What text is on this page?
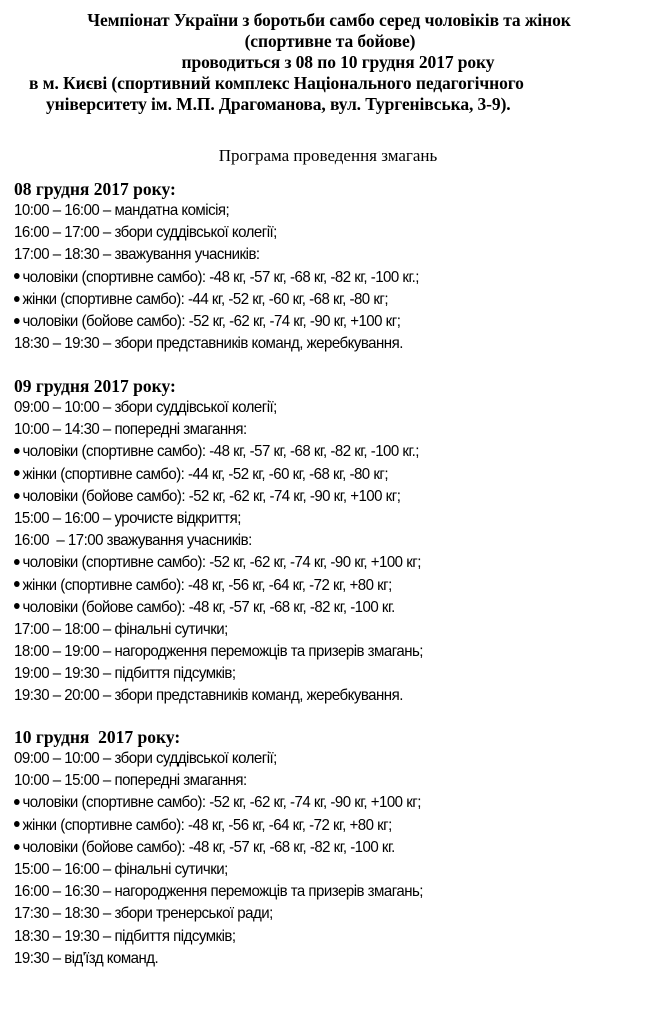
Чемпіонат України з боротьби самбо серед чоловіків та жінок
(спортивне та бойове)
проводиться з 08 по 10 грудня 2017 року
в м. Києві (спортивний комплекс Національного педагогічного
університету ім. М.П. Драгоманова, вул. Тургенівська, 3-9).
Програма проведення змагань
08 грудня 2017 року:
10:00 – 16:00 – мандатна комісія;
16:00 – 17:00 – збори суддівської колегії;
17:00 – 18:30 – зважування учасників:
чоловіки (спортивне самбо): -48 кг, -57 кг, -68 кг, -82 кг, -100 кг.;
жінки (спортивне самбо): -44 кг, -52 кг, -60 кг, -68 кг, -80 кг;
чоловіки (бойове самбо): -52 кг, -62 кг, -74 кг, -90 кг, +100 кг;
18:30 – 19:30 – збори представників команд, жеребкування.
09 грудня 2017 року:
09:00 – 10:00 – збори суддівської колегії;
10:00 – 14:30 – попередні змагання:
чоловіки (спортивне самбо): -48 кг, -57 кг, -68 кг, -82 кг, -100 кг.;
жінки (спортивне самбо): -44 кг, -52 кг, -60 кг, -68 кг, -80 кг;
чоловіки (бойове самбо): -52 кг, -62 кг, -74 кг, -90 кг, +100 кг;
15:00 – 16:00 – урочисте відкриття;
16:00  – 17:00 зважування учасників:
чоловіки (спортивне самбо): -52 кг, -62 кг, -74 кг, -90 кг, +100 кг;
жінки (спортивне самбо): -48 кг, -56 кг, -64 кг, -72 кг, +80 кг;
чоловіки (бойове самбо): -48 кг, -57 кг, -68 кг, -82 кг, -100 кг.
17:00 – 18:00 – фінальні сутички;
18:00 – 19:00 – нагородження переможців та призерів змагань;
19:00 – 19:30 – підбиття підсумків;
19:30 – 20:00 – збори представників команд, жеребкування.
10 грудня  2017 року:
09:00 – 10:00 – збори суддівської колегії;
10:00 – 15:00 – попередні змагання:
чоловіки (спортивне самбо): -52 кг, -62 кг, -74 кг, -90 кг, +100 кг;
жінки (спортивне самбо): -48 кг, -56 кг, -64 кг, -72 кг, +80 кг;
чоловіки (бойове самбо): -48 кг, -57 кг, -68 кг, -82 кг, -100 кг.
15:00 – 16:00 – фінальні сутички;
16:00 – 16:30 – нагородження переможців та призерів змагань;
17:30 – 18:30 – збори тренерської ради;
18:30 – 19:30 – підбиття підсумків;
19:30 – від'їзд команд.
